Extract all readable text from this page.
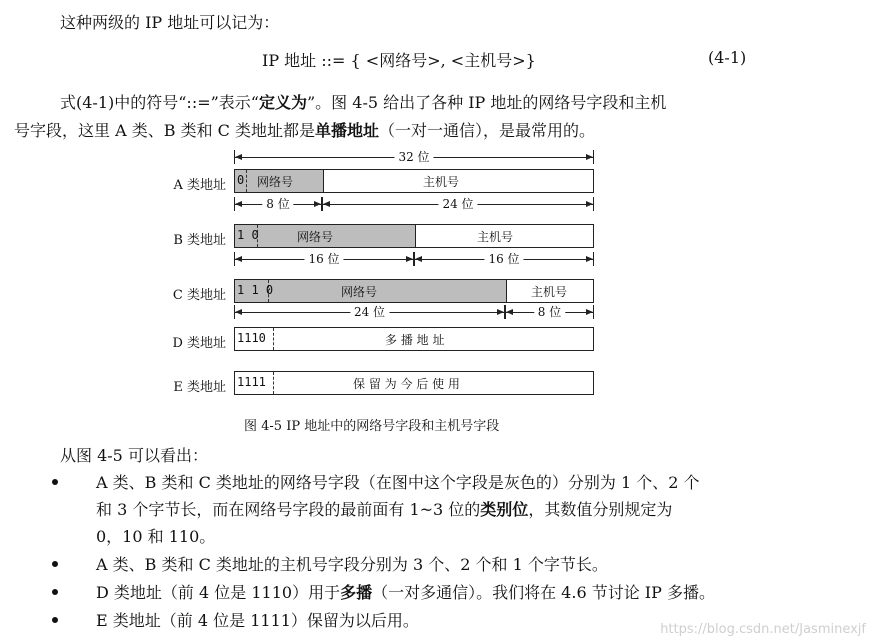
这种两级的 IP 地址可以记为：
IP 地址 ::= { <网络号>, <主机号>}	(4-1)
式(4-1)中的符号“::=”表示“定义为”。图 4-5 给出了各种 IP 地址的网络号字段和主机
号字段，这里 A 类、B 类和 C 类地址都是单播地址（一对一通信），是最常用的。
32 位
A 类地址 0 网络号	主机号
8 位	24 位
B 类地址 1 0	网络号	主机号
16 位	16 位
C 类地址 1 1 0	网络号	主机号
24 位	8 位
D 类地址 1110	多 播 地 址
E 类地址 1111	保 留 为 今 后 使 用
图 4-5 IP 地址中的网络号字段和主机号字段
从图 4-5 可以看出：
A 类、B 类和 C 类地址的网络号字段（在图中这个字段是灰色的）分别为 1 个、2 个
和 3 个字节长，而在网络号字段的最前面有 1~3 位的类别位，其数值分别规定为
0，10 和 110。
A 类、B 类和 C 类地址的主机号字段分别为 3 个、2 个和 1 个字节长。
D 类地址（前 4 位是 1110）用于多播（一对多通信）。我们将在 4.6 节讨论 IP 多播。
E 类地址（前 4 位是 1111）保留为以后用。	https://blog.csdn.net/Jasminexjf
